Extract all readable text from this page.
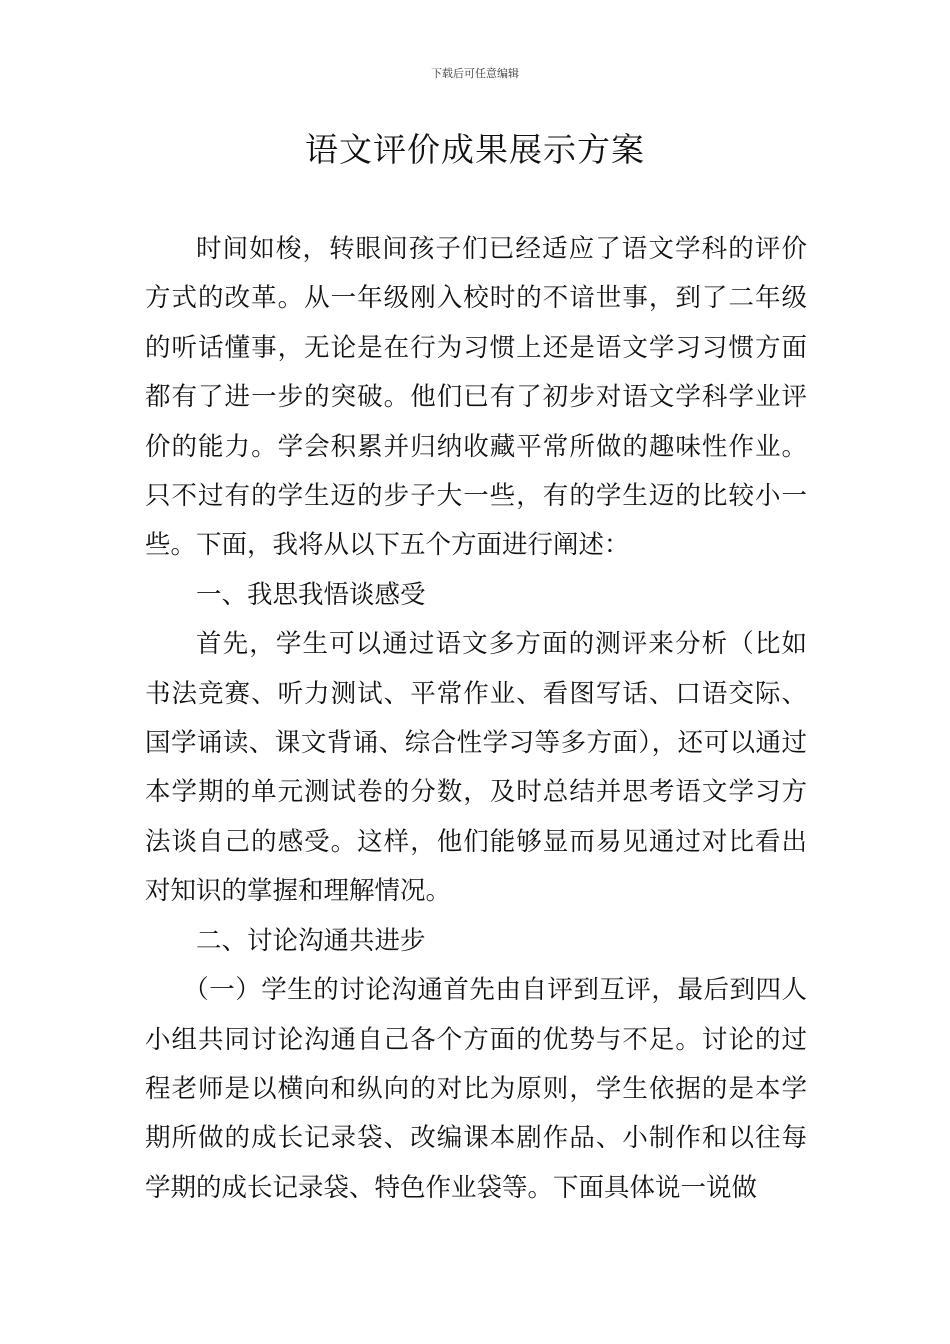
下载后可任意编辑
语文评价成果展示方案

时间如梭，转眼间孩子们已经适应了语文学科的评价方式的改革。从一年级刚入校时的不谙世事，到了二年级的听话懂事，无论是在行为习惯上还是语文学习习惯方面都有了进一步的突破。他们已有了初步对语文学科学业评价的能力。学会积累并归纳收藏平常所做的趣味性作业。只不过有的学生迈的步子大一些，有的学生迈的比较小一些。下面，我将从以下五个方面进行阐述：

一、我思我悟谈感受

首先，学生可以通过语文多方面的测评来分析（比如书法竞赛、听力测试、平常作业、看图写话、口语交际、国学诵读、课文背诵、综合性学习等多方面），还可以通过本学期的单元测试卷的分数，及时总结并思考语文学习方法谈自己的感受。这样，他们能够显而易见通过对比看出对知识的掌握和理解情况。

二、讨论沟通共进步

（一）学生的讨论沟通首先由自评到互评，最后到四人小组共同讨论沟通自己各个方面的优势与不足。讨论的过程老师是以横向和纵向的对比为原则，学生依据的是本学期所做的成长记录袋、改编课本剧作品、小制作和以往每学期的成长记录袋、特色作业袋等。下面具体说一说做
